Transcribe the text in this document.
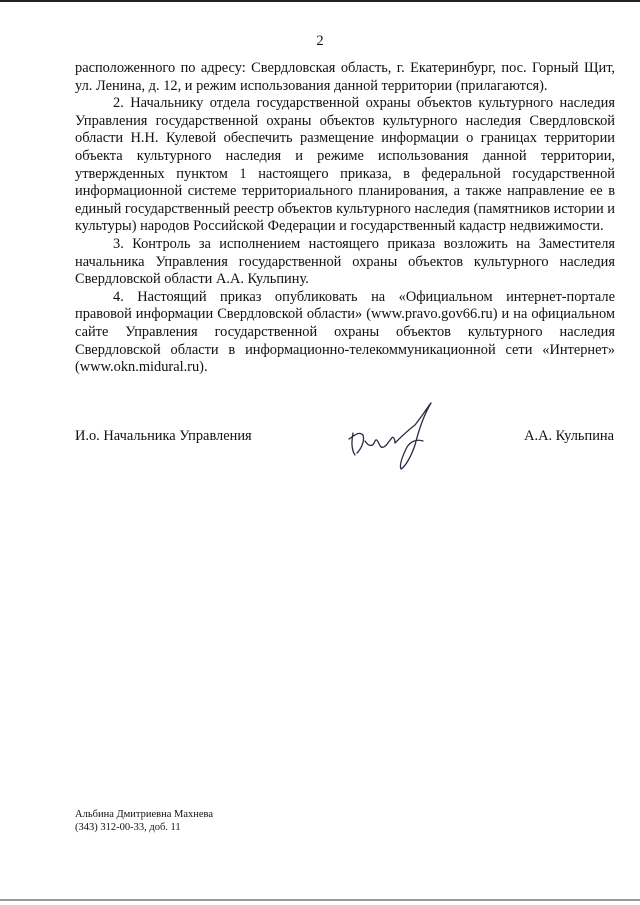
2

расположенного по адресу: Свердловская область, г. Екатеринбург, пос. Горный Щит, ул. Ленина, д. 12, и режим использования данной территории (прилагаются).

2. Начальнику отдела государственной охраны объектов культурного наследия Управления государственной охраны объектов культурного наследия Свердловской области Н.Н. Кулевой обеспечить размещение информации о границах территории объекта культурного наследия и режиме использования данной территории, утвержденных пунктом 1 настоящего приказа, в федеральной государственной информационной системе территориального планирования, а также направление ее в единый государственный реестр объектов культурного наследия (памятников истории и культуры) народов Российской Федерации и государственный кадастр недвижимости.

3. Контроль за исполнением настоящего приказа возложить на Заместителя начальника Управления государственной охраны объектов культурного наследия Свердловской области А.А. Кульпину.

4. Настоящий приказ опубликовать на «Официальном интернет-портале правовой информации Свердловской области» (www.pravo.gov66.ru) и на официальном сайте Управления государственной охраны объектов культурного наследия Свердловской области в информационно-телекоммуникационной сети «Интернет» (www.okn.midural.ru).

И.о. Начальника Управления	А.А. Кульпина
Альбина Дмитриевна Махнева
(343) 312-00-33, доб. 11
